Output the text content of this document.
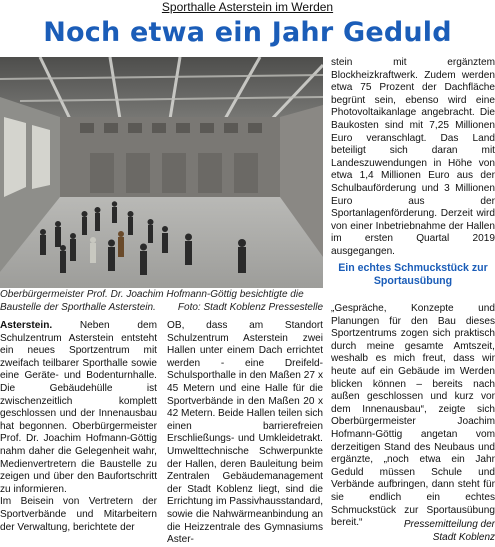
Sporthalle Asterstein im Werden
Noch etwa ein Jahr Geduld
Oberbürgermeister Prof. Dr. Joachim Hofmann-Göttig besichtigte die Baustelle der Sporthalle Asterstein. Foto: Stadt Koblenz Pressestelle

Asterstein.	Neben dem Schulzentrum Asterstein entsteht ein neues Sportzentrum mit zweifach teilbarer Sporthalle sowie eine Geräte- und Bodenturnhalle. Die Gebäudehülle ist zwischenzeitlich komplett geschlossen und der Innenausbau hat begonnen. Oberbürgermeister Prof. Dr. Joachim Hofmann-Göttig nahm daher die Gelegenheit wahr, Medienvertretern die Baustelle zu zeigen und über den Baufortschritt zu informieren.

Im Beisein von Vertretern der Sportverbände und Mitarbeitern der Verwaltung, berichtete der

OB, dass am Standort Schulzentrum Asterstein zwei Hallen unter einem Dach errichtet werden - eine Dreifeld-Schulsporthalle in den Maßen 27 x 45 Metern und eine Halle für die Sportverbände in den Maßen 20 x 42 Metern. Beide Hallen teilen sich einen barrierefreien Erschließungs- und Umkleidetrakt. Umwelttechnische Schwerpunkte der Hallen, deren Bauleitung beim Zentralen Gebäudemanagement der Stadt Koblenz liegt, sind die Errichtung im Passivhausstandard, sowie die Nahwärmeanbindung an die Heizzentrale des Gymnasiums Aster-

stein mit ergänztem Blockheizkraftwerk. Zudem werden etwa 75 Prozent der Dachfläche begrünt sein, ebenso wird eine Photovoltaikanlage angebracht. Die Baukosten sind mit 7,25 Millionen Euro veranschlagt. Das Land beteiligt sich daran mit Landeszuwendungen in Höhe von etwa 1,4 Millionen Euro aus der Schulbauförderung und 3 Millionen Euro aus der Sportanlagenförderung. Derzeit wird von einer Inbetriebnahme der Hallen im ersten Quartal 2019 ausgegangen.

Ein echtes Schmuckstück zur Sportausübung

„Gespräche, Konzepte und Planungen für den Bau dieses Sportzentrums zogen sich praktisch durch meine gesamte Amtszeit, weshalb es mich freut, dass wir heute auf ein Gebäude im Werden blicken können – bereits nach außen geschlossen und kurz vor dem Innenausbau“, zeigte sich Oberbürgermeister Joachim Hofmann-Göttig angetan vom derzeitigen Stand des Neubaus und ergänzte, „noch etwa ein Jahr Geduld müssen Schule und Verbände aufbringen, dann steht für sie endlich ein echtes Schmuckstück zur Sportausübung bereit.“	Pressemitteilung der
Stadt Koblenz
